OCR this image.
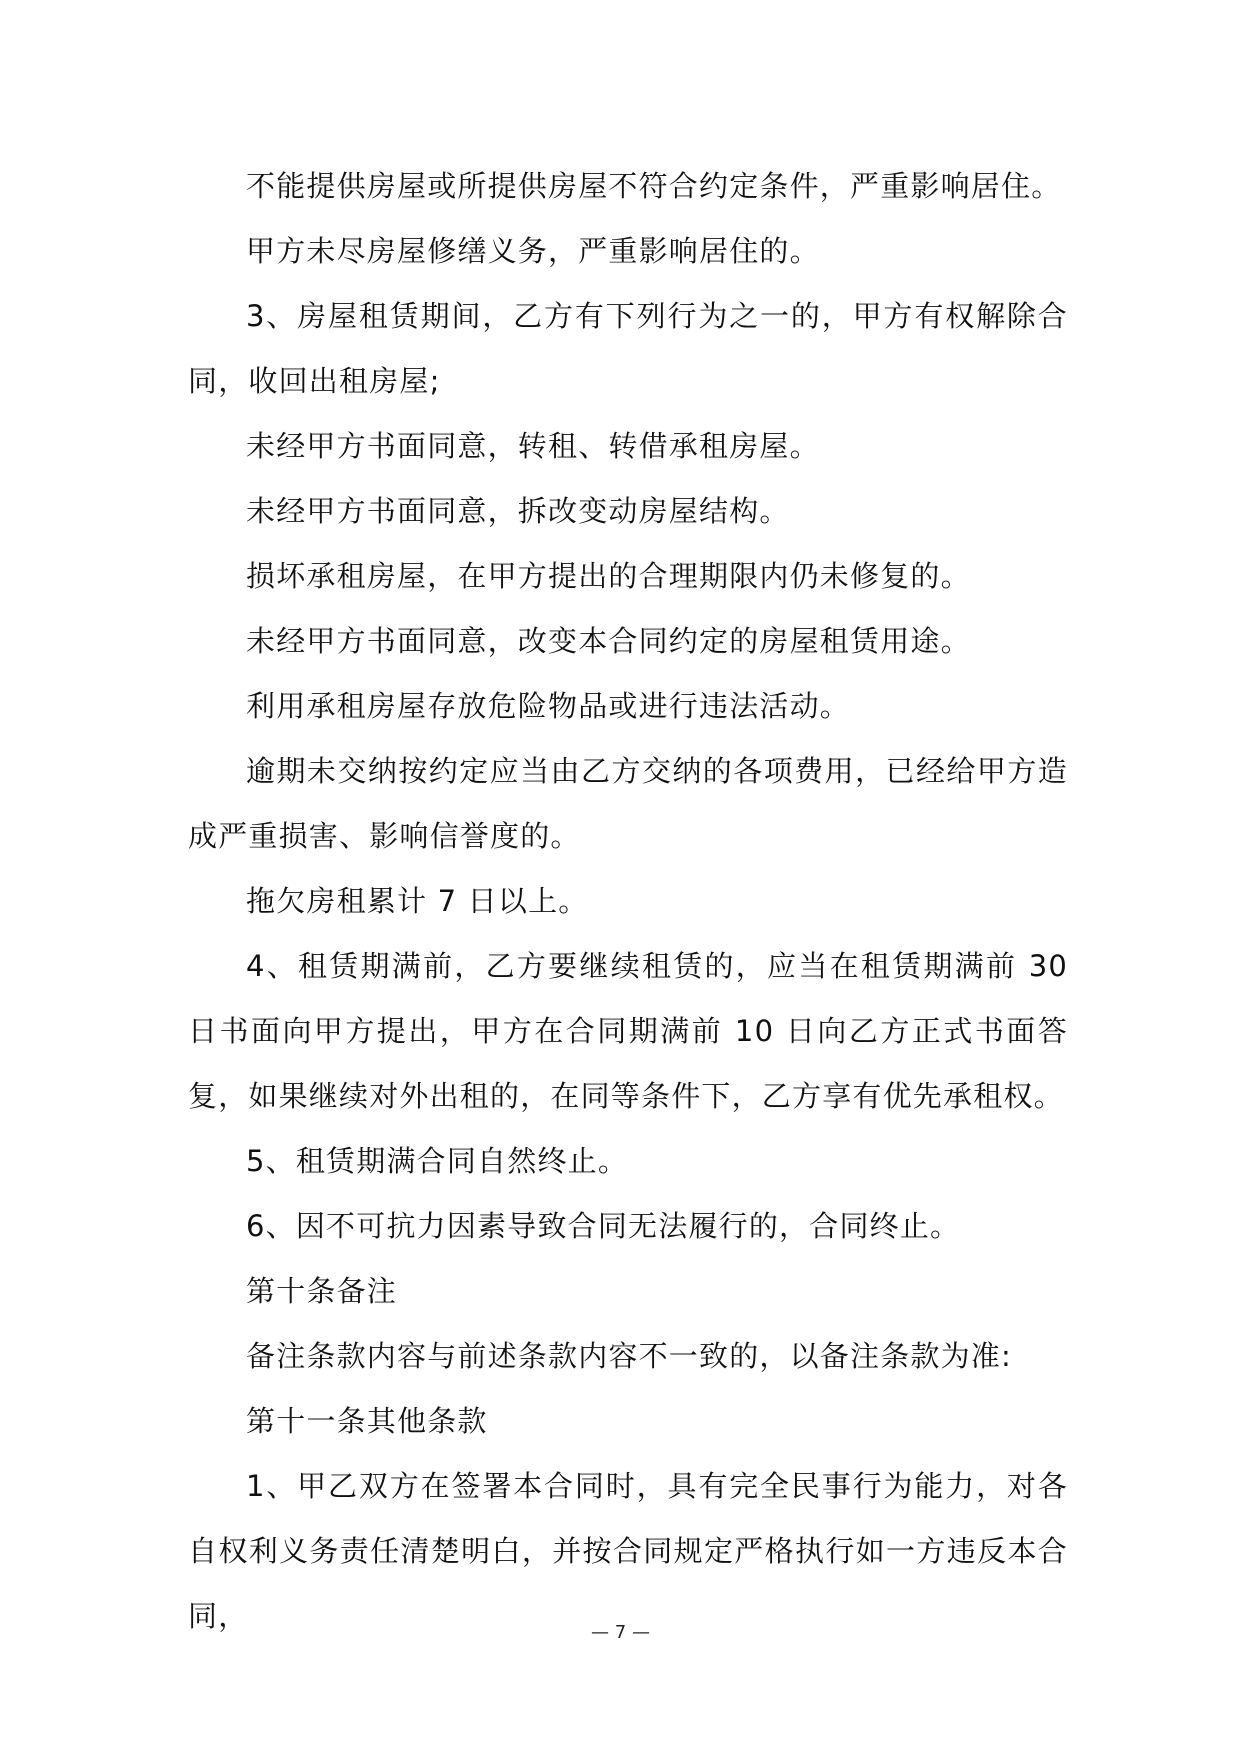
不能提供房屋或所提供房屋不符合约定条件，严重影响居住。

甲方未尽房屋修缮义务，严重影响居住的。

3、房屋租赁期间，乙方有下列行为之一的，甲方有权解除合同，收回出租房屋;

未经甲方书面同意，转租、转借承租房屋。

未经甲方书面同意，拆改变动房屋结构。

损坏承租房屋，在甲方提出的合理期限内仍未修复的。

未经甲方书面同意，改变本合同约定的房屋租赁用途。

利用承租房屋存放危险物品或进行违法活动。

逾期未交纳按约定应当由乙方交纳的各项费用，已经给甲方造成严重损害、影响信誉度的。

拖欠房租累计 7 日以上。

4、租赁期满前，乙方要继续租赁的，应当在租赁期满前 30 日书面向甲方提出，甲方在合同期满前 10 日向乙方正式书面答复，如果继续对外出租的，在同等条件下，乙方享有优先承租权。

5、租赁期满合同自然终止。

6、因不可抗力因素导致合同无法履行的，合同终止。

第十条备注

备注条款内容与前述条款内容不一致的，以备注条款为准:

第十一条其他条款

1、甲乙双方在签署本合同时，具有完全民事行为能力，对各自权利义务责任清楚明白，并按合同规定严格执行如一方违反本合同，	— 7 —
